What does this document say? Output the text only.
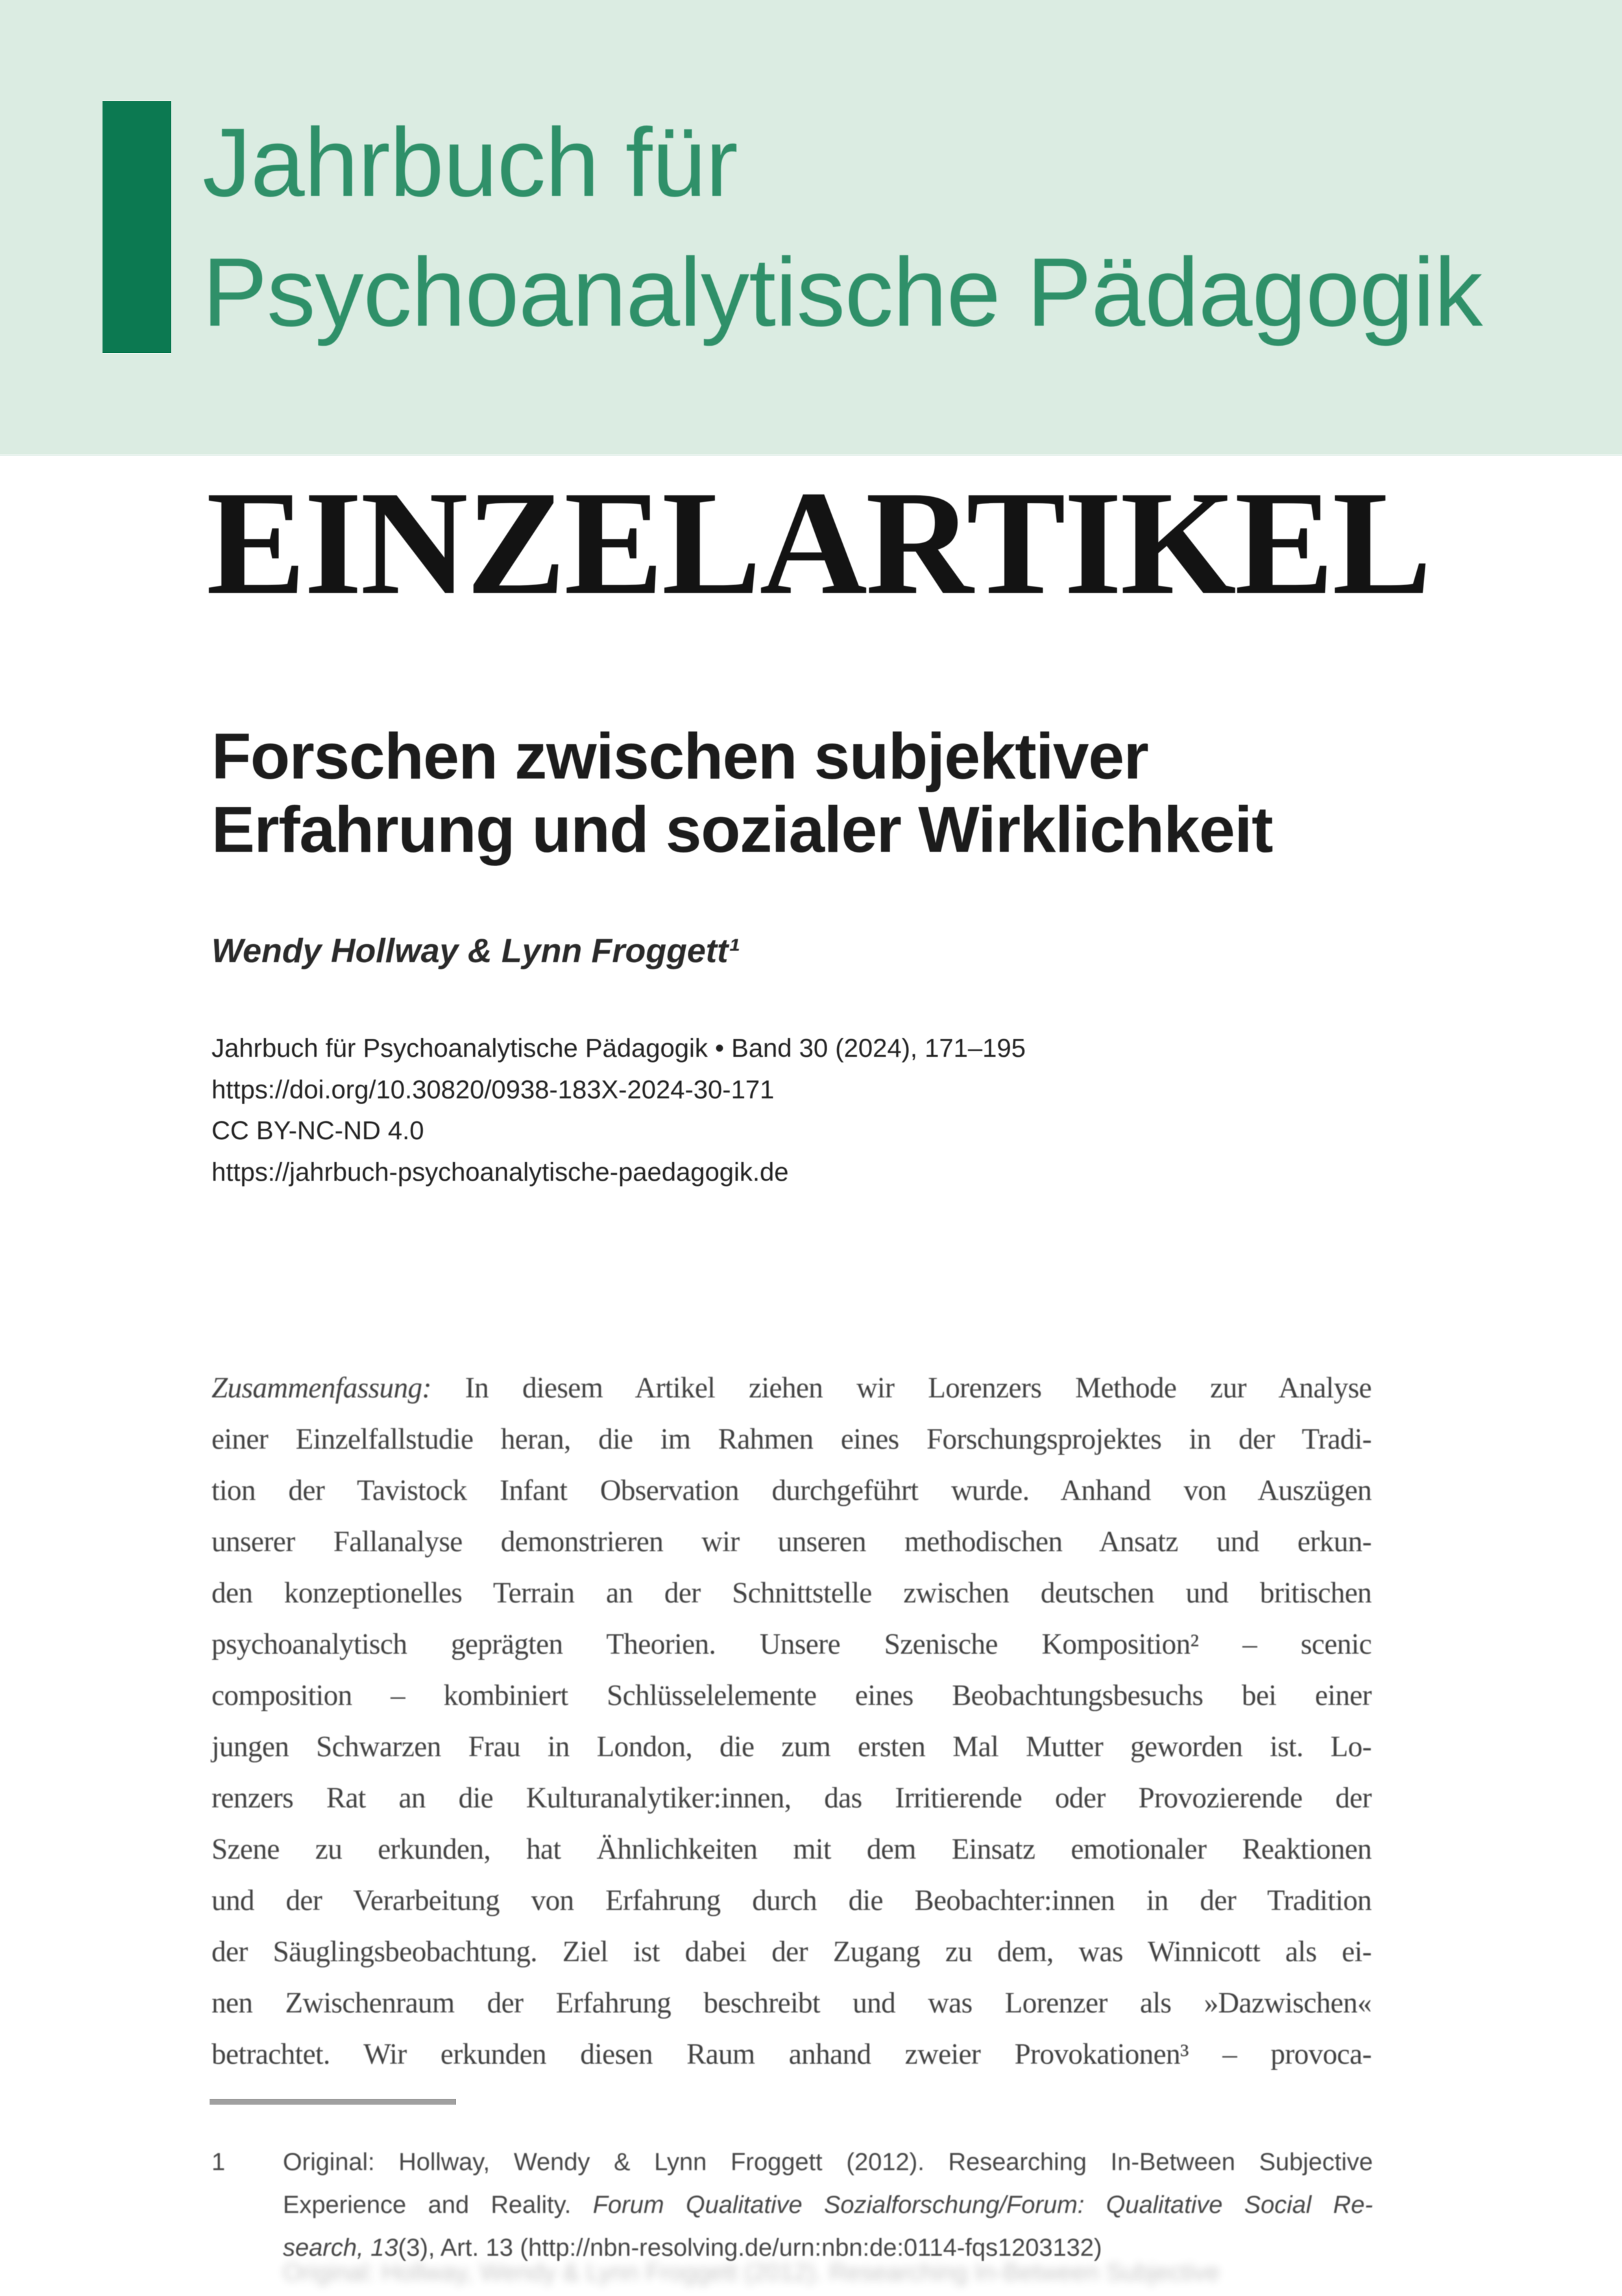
Jahrbuch für
Psychoanalytische Pädagogik
EINZELARTIKEL
Forschen zwischen subjektiver
Erfahrung und sozialer Wirklichkeit
Wendy Hollway & Lynn Froggett¹
Jahrbuch für Psychoanalytische Pädagogik • Band 30 (2024), 171–195
https://doi.org/10.30820/0938-183X-2024-30-171
CC BY-NC-ND 4.0
https://jahrbuch-psychoanalytische-paedagogik.de
Zusammenfassung: In diesem Artikel ziehen wir Lorenzers Methode zur Analyse
einer Einzelfallstudie heran, die im Rahmen eines Forschungsprojektes in der Tradi-
tion der Tavistock Infant Observation durchgeführt wurde. Anhand von Auszügen
unserer Fallanalyse demonstrieren wir unseren methodischen Ansatz und erkun-
den konzeptionelles Terrain an der Schnittstelle zwischen deutschen und britischen
psychoanalytisch geprägten Theorien. Unsere Szenische Komposition² – scenic
composition – kombiniert Schlüsselelemente eines Beobachtungsbesuchs bei einer
jungen Schwarzen Frau in London, die zum ersten Mal Mutter geworden ist. Lo-
renzers Rat an die Kulturanalytiker:innen, das Irritierende oder Provozierende der
Szene zu erkunden, hat Ähnlichkeiten mit dem Einsatz emotionaler Reaktionen
und der Verarbeitung von Erfahrung durch die Beobachter:innen in der Tradition
der Säuglingsbeobachtung. Ziel ist dabei der Zugang zu dem, was Winnicott als ei-
nen Zwischenraum der Erfahrung beschreibt und was Lorenzer als »Dazwischen«
betrachtet. Wir erkunden diesen Raum anhand zweier Provokationen³ – provoca-
1	Original: Hollway, Wendy & Lynn Froggett (2012). Researching In-Between Subjective
Experience and Reality. Forum Qualitative Sozialforschung/Forum: Qualitative Social Re-
search, 13(3), Art. 13 (http://nbn-resolving.de/urn:nbn:de:0114-fqs1203132)
Original: Hollway, Wendy & Lynn Froggett (2012). Researching In-Between Subjective
